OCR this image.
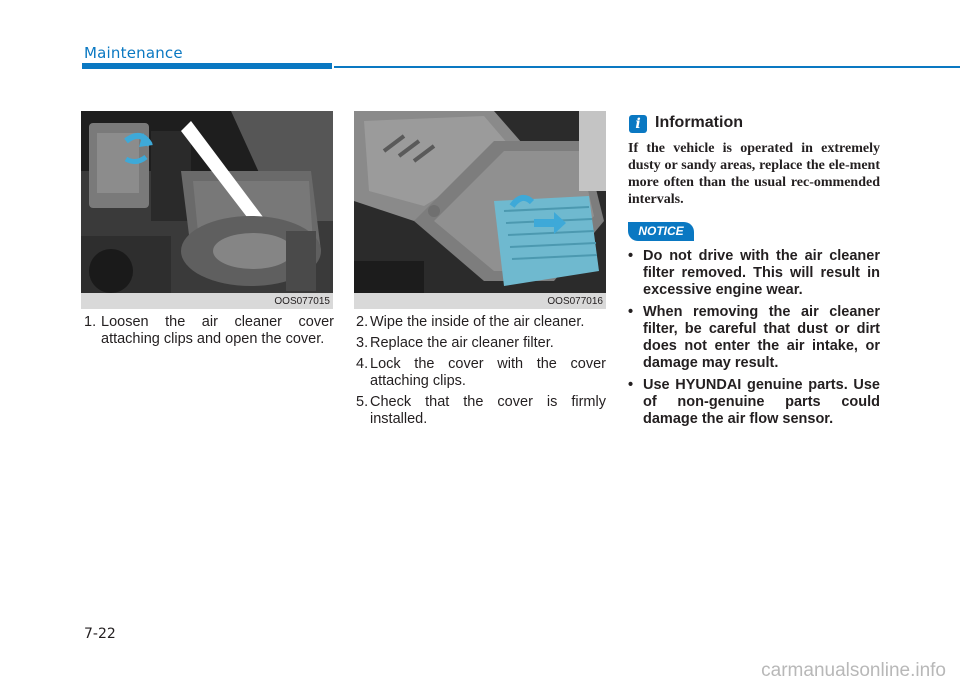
Maintenance
OOS077015	OOS077016
1. Loosen the air cleaner cover attaching clips and open the cover.
2. Wipe the inside of the air cleaner.
3. Replace the air cleaner filter.
4. Lock the cover with the cover attaching clips.
5. Check that the cover is firmly installed.
i Information
If the vehicle is operated in extremely dusty or sandy areas, replace the ele-ment more often than the usual rec-ommended intervals.
NOTICE
• Do not drive with the air cleaner filter removed. This will result in excessive engine wear.
• When removing the air cleaner filter, be careful that dust or dirt does not enter the air intake, or damage may result.
• Use HYUNDAI genuine parts. Use of non-genuine parts could damage the air flow sensor.
7-22
carmanualsonline.info
